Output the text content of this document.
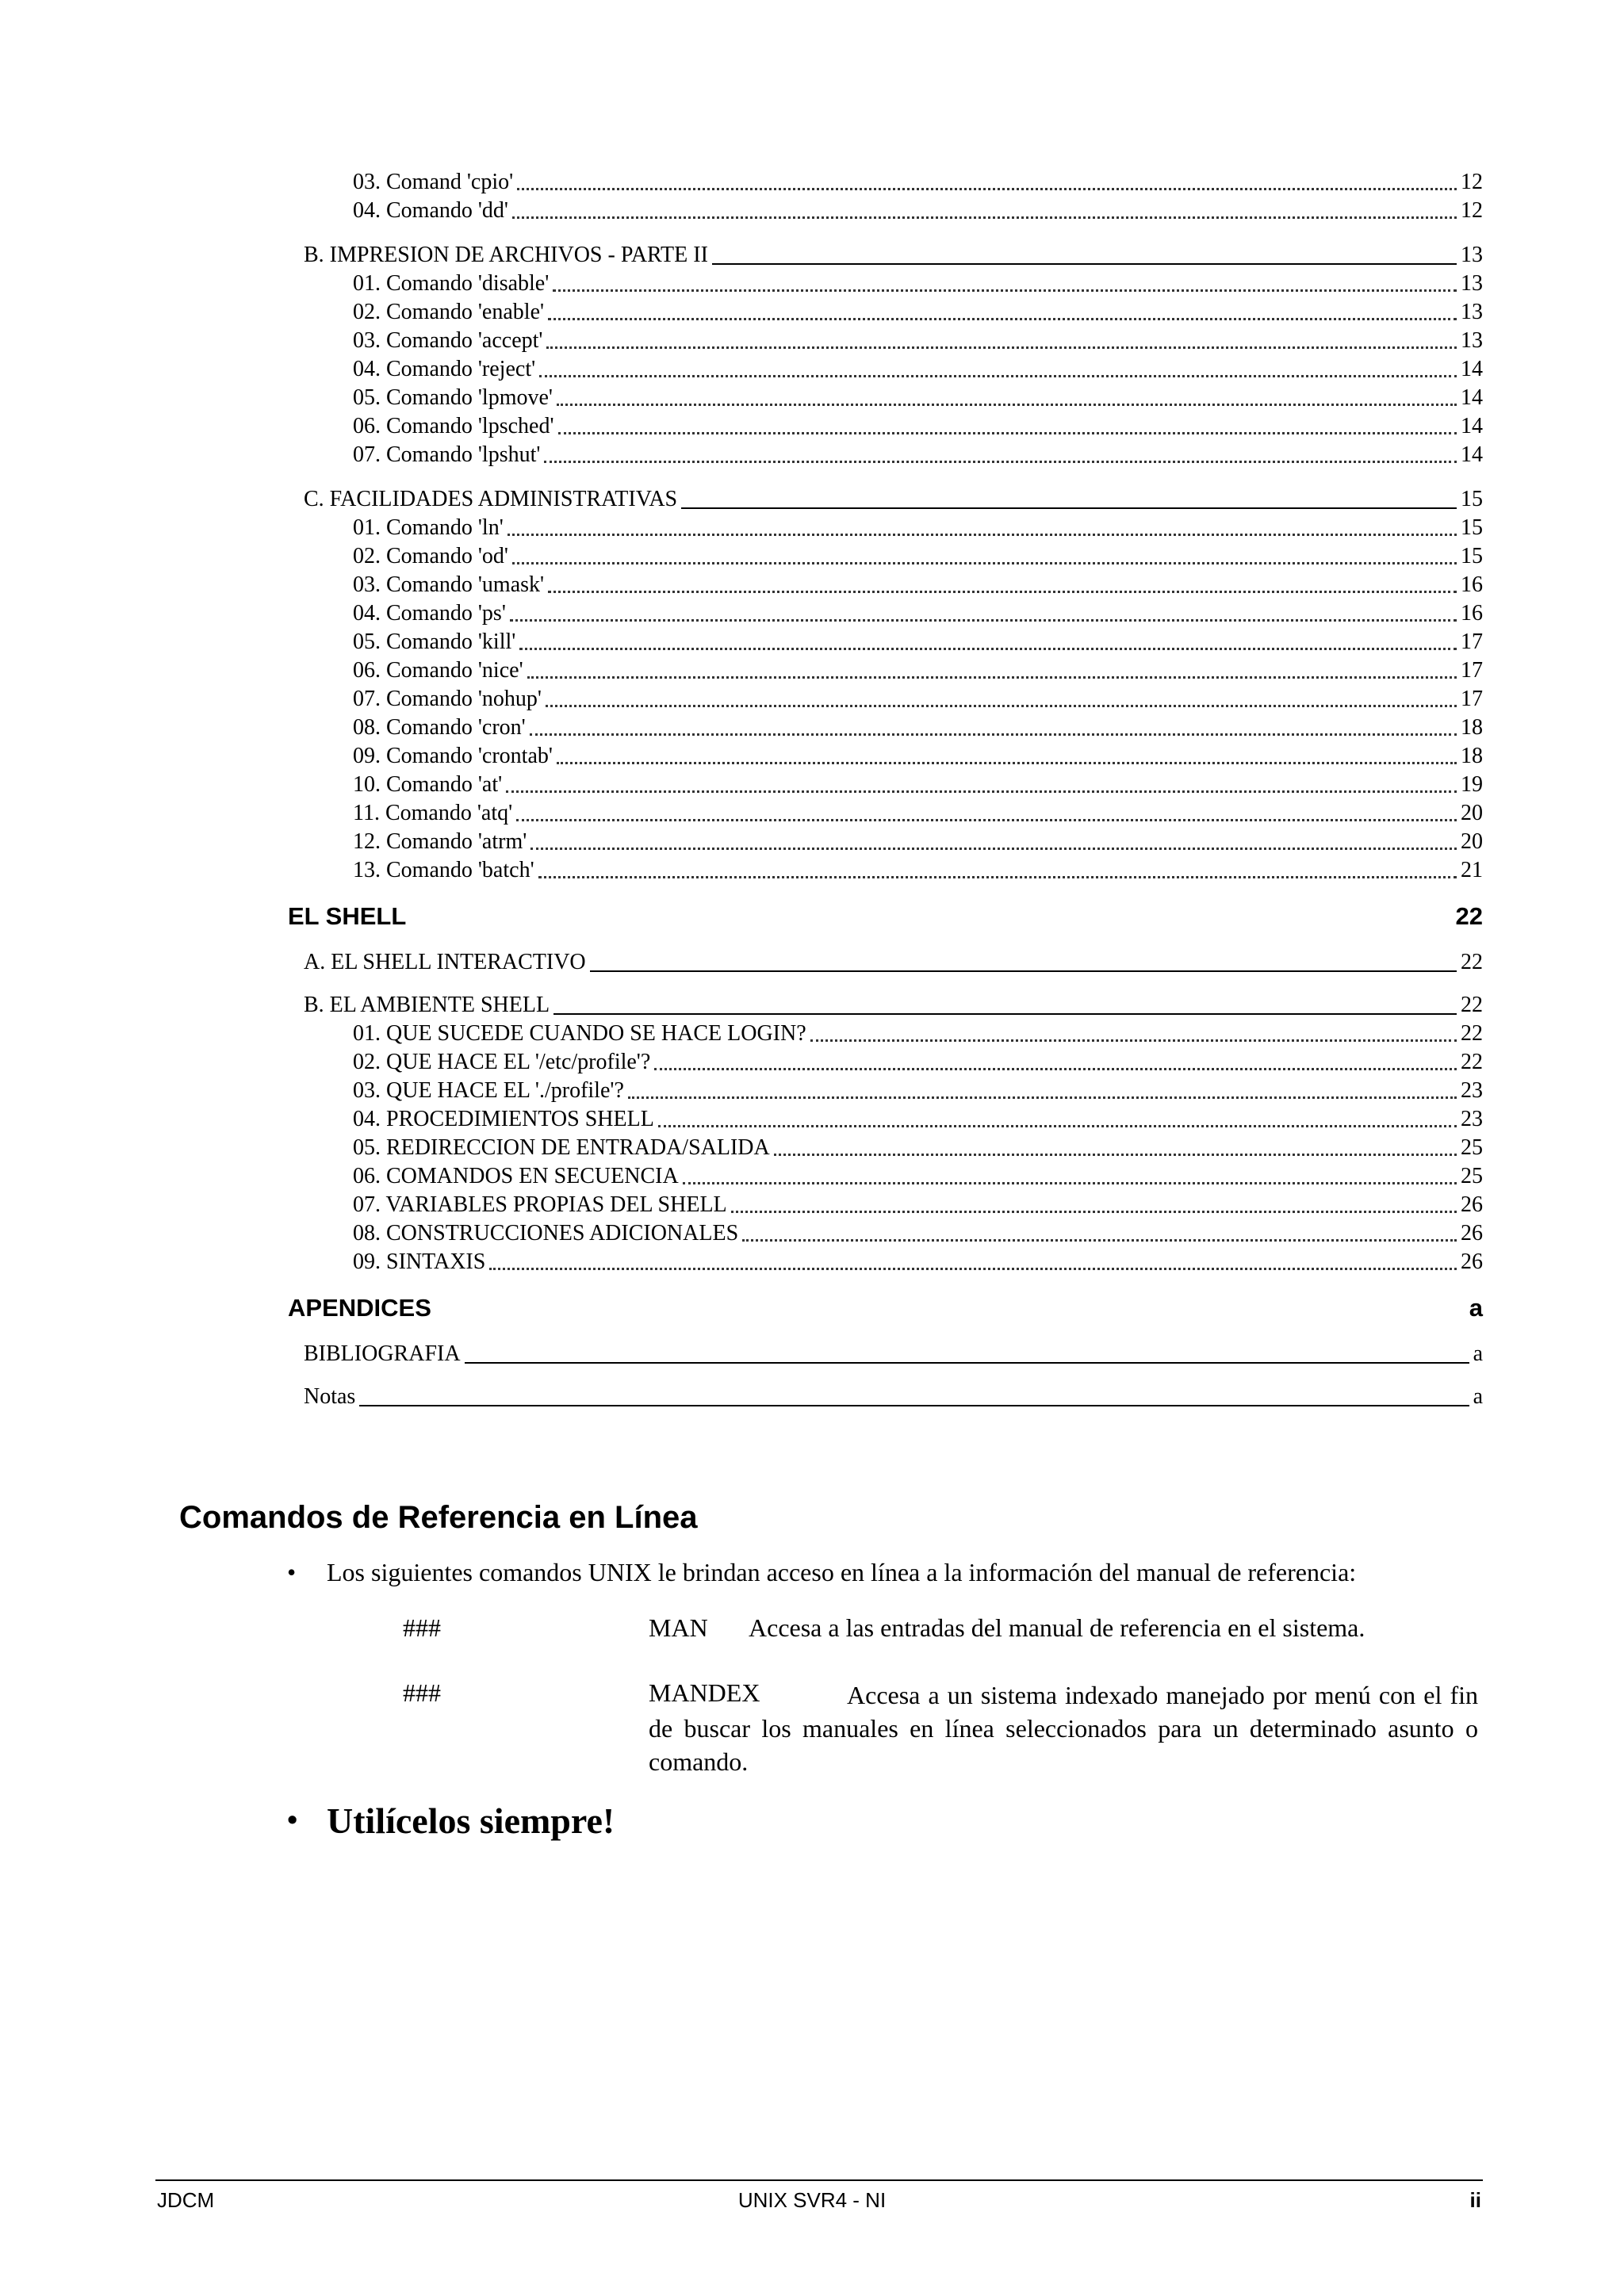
03. Comand 'cpio'	12
04. Comando 'dd'	12
B. IMPRESION DE ARCHIVOS - PARTE II	13
01. Comando 'disable'	13
02. Comando 'enable'	13
03. Comando 'accept'	13
04. Comando 'reject'	14
05. Comando 'lpmove'	14
06. Comando 'lpsched'	14
07. Comando 'lpshut'	14
C. FACILIDADES ADMINISTRATIVAS	15
01. Comando 'ln'	15
02. Comando 'od'	15
03. Comando 'umask'	16
04. Comando 'ps'	16
05. Comando 'kill'	17
06. Comando 'nice'	17
07. Comando 'nohup'	17
08. Comando 'cron'	18
09. Comando 'crontab'	18
10. Comando 'at'	19
11. Comando 'atq'	20
12. Comando 'atrm'	20
13. Comando 'batch'	21
EL SHELL	22
A. EL SHELL INTERACTIVO	22
B. EL AMBIENTE SHELL	22
01. QUE SUCEDE CUANDO SE HACE LOGIN?	22
02. QUE HACE EL '/etc/profile'?	22
03. QUE HACE EL './profile'?	23
04. PROCEDIMIENTOS SHELL	23
05. REDIRECCION DE ENTRADA/SALIDA	25
06. COMANDOS EN SECUENCIA	25
07. VARIABLES PROPIAS DEL SHELL	26
08. CONSTRUCCIONES ADICIONALES	26
09. SINTAXIS	26
APENDICES	a
BIBLIOGRAFIA	a
Notas	a
Comandos de Referencia en Línea
• Los siguientes comandos UNIX le brindan acceso en línea a la información del manual de referencia:
###	MAN Accesa a las entradas del manual de referencia en el sistema.
###	MANDEX	Accesa a un sistema indexado manejado por menú con el fin de buscar los manuales en línea seleccionados para un determinado asunto o comando.
• Utilícelos siempre!
JDCM	UNIX SVR4 - NI	ii
